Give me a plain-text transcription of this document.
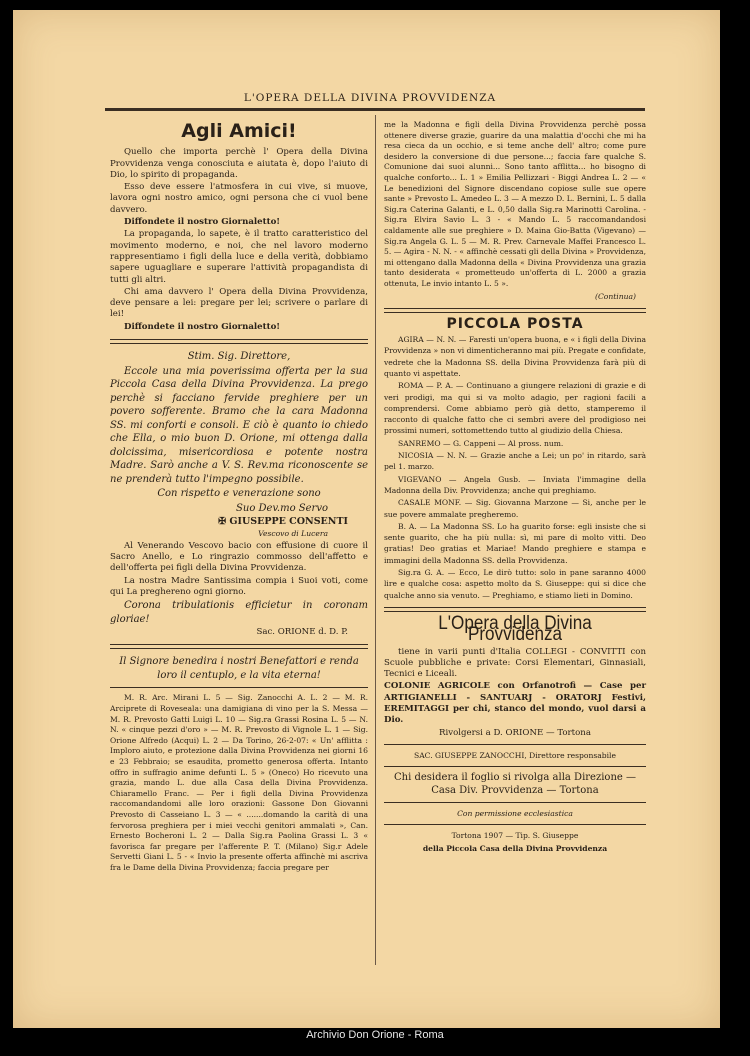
L'OPERA DELLA DIVINA PROVVIDENZA
Agli Amici!

Quello che importa perchè l' Opera della Divina Provvidenza venga conosciuta e aiutata è, dopo l'aiuto di Dio, lo spirito di propaganda.

Esso deve essere l'atmosfera in cui vive, si muove, lavora ogni nostro amico, ogni persona che ci vuol bene davvero.

Diffondete il nostro Giornaletto!

La propaganda, lo sapete, è il tratto caratteristico del movimento moderno, e noi, che nel lavoro moderno rappresentiamo i figli della luce e della verità, dobbiamo sapere uguagliare e superare l'attività propagandista di tutti gli altri.

Chi ama davvero l' Opera della Divina Provvidenza, deve pensare a lei: pregare per lei; scrivere o parlare di lei!

Diffondete il nostro Giornaletto!

Stim. Sig. Direttore,

Eccole una mia poverissima offerta per la sua Piccola Casa della Divina Provvidenza. La prego perchè si facciano fervide preghiere per un povero sofferente. Bramo che la cara Madonna SS. mi conforti e consoli. E ciò è quanto io chiedo che Ella, o mio buon D. Orione, mi ottenga dalla dolcissima, misericordiosa e potente nostra Madre. Sarò anche a V. S. Rev.ma riconoscente se ne prenderà tutto l'impegno possibile.

Con rispetto e venerazione sono

Suo Dev.mo Servo

✠ GIUSEPPE CONSENTI

Vescovo di Lucera

Al Venerando Vescovo bacio con effusione di cuore il Sacro Anello, e Lo ringrazio commosso dell'affetto e dell'offerta pei figli della Divina Provvidenza.

La nostra Madre Santissima compia i Suoi voti, come qui La preghereno ogni giorno.

Corona tribulationis efficietur in coronam gloriae!

Sac. ORIONE d. D. P.

Il Signore benedira i nostri Benefattori e renda loro il centuplo, e la vita eterna!

M. R. Arc. Mirani L. 5 — Sig. Zanocchi A. L. 2 — M. R. Arciprete di Roveseala: una damigiana di vino per la S. Messa — M. R. Prevosto Gatti Luigi L. 10 — Sig.ra Grassi Rosina L. 5 — N. N. « cinque pezzi d'oro » — M. R. Prevosto di Vignole L. 1 — Sig. Orione Alfredo (Acqui) L. 2 — Da Torino, 26-2-07: « Un' afflitta : Imploro aiuto, e protezione dalla Divina Provvidenza nei giorni 16 e 23 Febbraio; se esaudita, prometto generosa offerta. Intanto offro in suffragio anime defunti L. 5 » (Oneco) Ho ricevuto una grazia, mando L. due alla Casa della Divina Provvidenza. Chiaramello Franc. — Per i figli della Divina Provvidenza raccomandandomi alle loro orazioni: Gassone Don Giovanni Prevosto di Casseiano L. 3 — « .......domando la carità di una fervorosa preghiera per i miei vecchi genitori ammalati », Can. Ernesto Bocheroni L. 2 — Dalla Sig.ra Paolina Grassi L. 3 « favorisca far pregare per l'afferente P. T. (Milano) Sig.r Adele Servetti Giani L. 5 - « Invio la presente offerta affinchè mi ascriva fra le Dame della Divina Provvidenza; faccia pregare per

me la Madonna e figli della Divina Provvidenza perchè possa ottenere diverse grazie, guarire da una malattia d'occhi che mi ha resa cieca da un occhio, e si teme anche dell' altro; come pure desidero la conversione di due persone...; faccia fare qualche S. Comunione dai suoi alunni... Sono tanto afflitta... ho bisogno di qualche conforto... L. 1 » Emilia Pellizzari - Biggi Andrea L. 2 — « Le benedizioni del Signore discendano copiose sulle sue opere sante » Prevosto L. Amedeo L. 3 — A mezzo D. L. Bernini, L. 5 dalla Sig.ra Caterina Galanti, e L. 0,50 dalla Sig.ra Marinotti Carolina. - Sig.ra Elvira Savio L. 3 - « Mando L. 5 raccomandandosi caldamente alle sue preghiere » D. Maina Gio-Batta (Vigevano) — Sig.ra Angela G. L. 5 — M. R. Prev. Carnevale Maffei Francesco L. 5. — Agira - N. N. - « affinchè cessati gli della Divina » Provvidenza, mi ottengano dalla Madonna della « Divina Provvidenza una grazia tanto desiderata « prometteudo un'offerta di L. 2000 a grazia ottenuta, Le invio intanto L. 5 ».

(Continua)

PICCOLA POSTA

AGIRA — N. N. — Faresti un'opera buona, e « i figli della Divina Provvidenza » non vi dimenticheranno mai più. Pregate e confidate, vedrete che la Madonna SS. della Divina Provvidenza farà più di quanto vi aspettate.

ROMA — P. A. — Continuano a giungere relazioni di grazie e di veri prodigi, ma qui si va molto adagio, per ragioni facili a comprendersi. Come abbiamo però già detto, stamperemo il racconto di qualche fatto che ci sembri avere del prodigioso nei prossimi numeri, sottomettendo tutto al giudizio della Chiesa.

SANREMO — G. Cappeni — Al pross. num.

NICOSIA — N. N. — Grazie anche a Lei; un po' in ritardo, sarà pel 1. marzo.

VIGEVANO — Angela Gusb. — Inviata l'immagine della Madonna della Div. Provvidenza; anche qui preghiamo.

CASALE MONF. — Sig. Giovanna Marzone — Si, anche per le sue povere ammalate pregheremo.

B. A. — La Madonna SS. Lo ha guarito forse: egli insiste che si sente guarito, che ha più nulla: sì, mi pare di molto vitti. Deo gratias! Deo gratias et Mariae! Mando preghiere e stampa e immagini della Madonna SS. della Provvidenza.

Sig.ra G. A. — Ecco, Le dirò tutto: solo in pane saranno 4000 lire e qualche cosa: aspetto molto da S. Giuseppe: qui si dice che qualche anno sia venuto. — Preghiamo, e stiamo lieti in Domino.

L'Opera della Divina Provvidenza

tiene in varii punti d'Italia COLLEGI - CONVITTI con Scuole pubbliche e private: Corsi Elementari, Ginnasiali, Tecnici e Liceali.

COLONIE AGRICOLE con Orfanotrofi — Case per ARTIGIANELLI - SANTUARJ - ORATORJ Festivi, EREMITAGGI per chi, stanco del mondo, vuol darsi a Dio.

Rivolgersi a D. ORIONE — Tortona

SAC. GIUSEPPE ZANOCCHI, Direttore responsabile

Chi desidera il foglio si rivolga alla Direzione — Casa Div. Provvidenza — Tortona

Con permissione ecclesiastica

Tortona 1907 — Tip. S. Giuseppe

della Piccola Casa della Divina Provvidenza

Archivio Don Orione - Roma
